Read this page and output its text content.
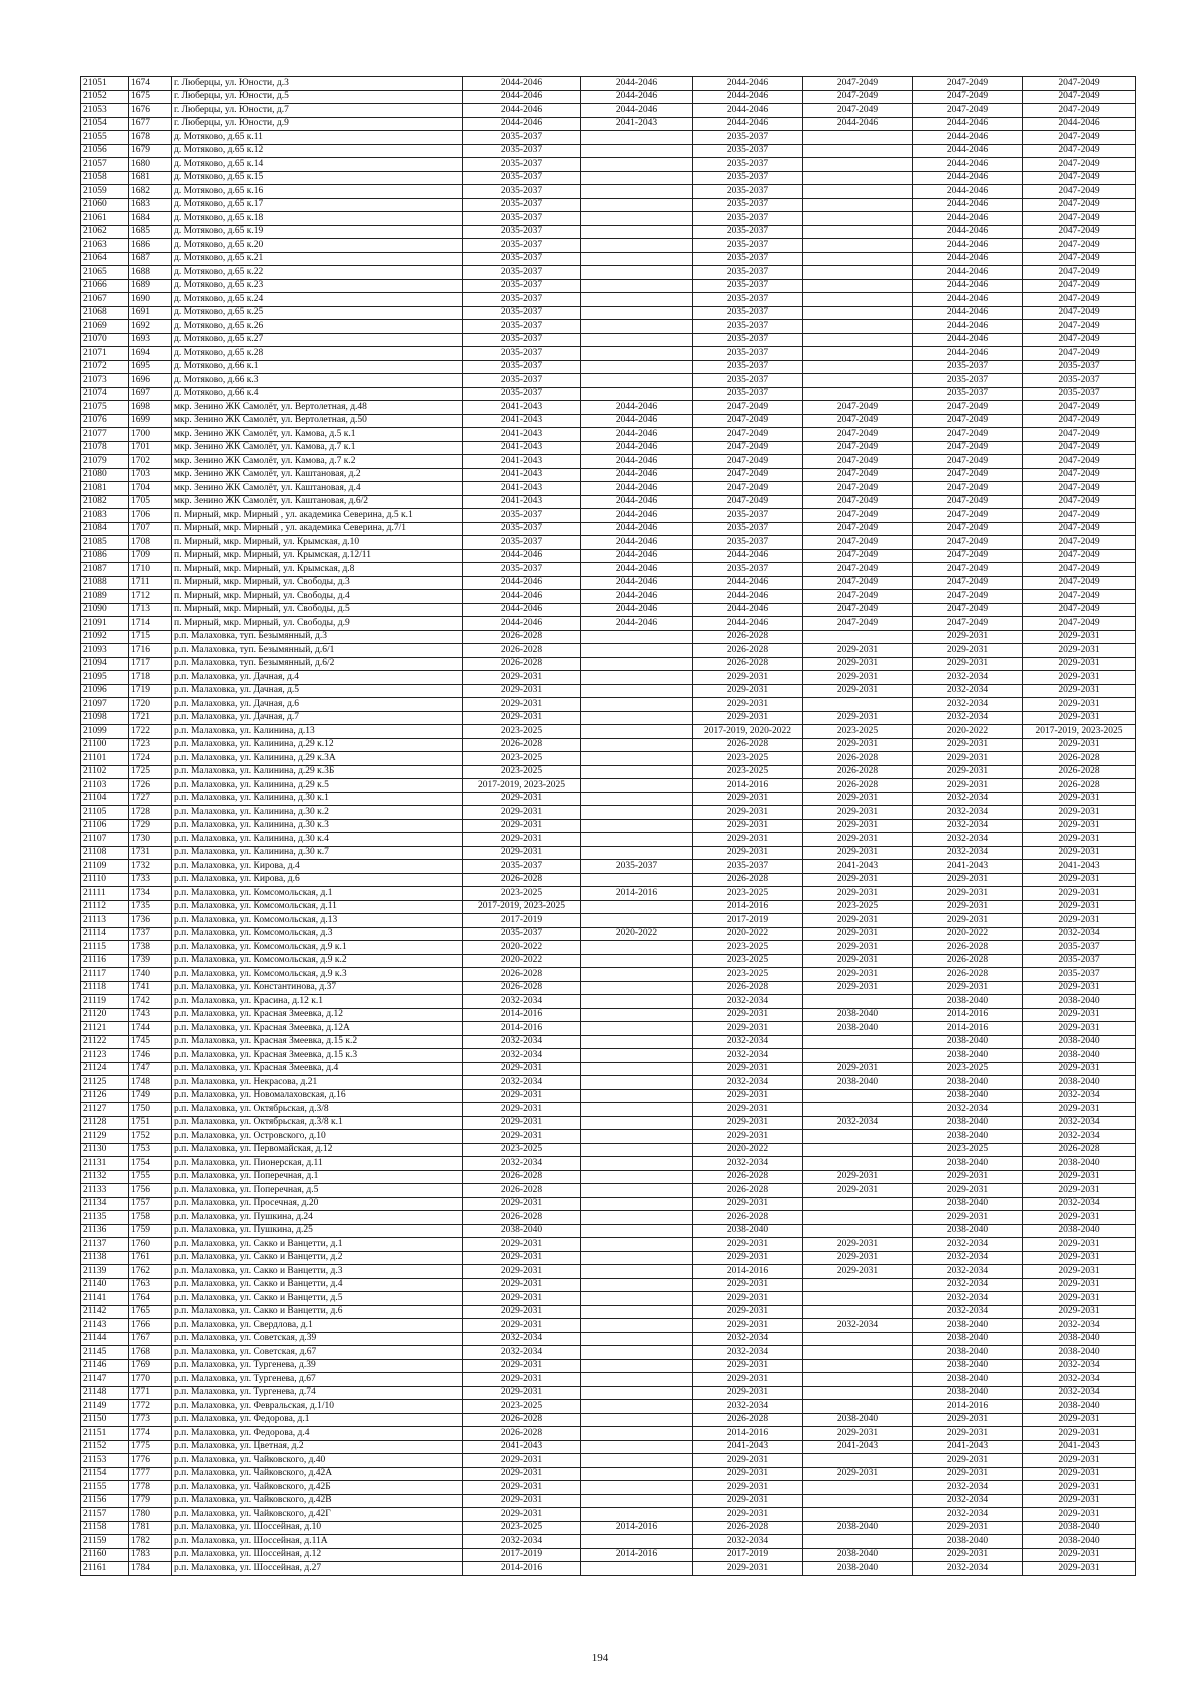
21051	1674	г. Люберцы, ул. Юности, д.3	2044-2046	2044-2046	2044-2046	2047-2049	2047-2049	2047-2049
21052	1675	г. Люберцы, ул. Юности, д.5	2044-2046	2044-2046	2044-2046	2047-2049	2047-2049	2047-2049
21053	1676	г. Люберцы, ул. Юности, д.7	2044-2046	2044-2046	2044-2046	2047-2049	2047-2049	2047-2049
21054	1677	г. Люберцы, ул. Юности, д.9	2044-2046	2041-2043	2044-2046	2044-2046	2044-2046	2044-2046
21055	1678	д. Мотяково, д.65 к.11	2035-2037		2035-2037		2044-2046	2047-2049
21056	1679	д. Мотяково, д.65 к.12	2035-2037		2035-2037		2044-2046	2047-2049
21057	1680	д. Мотяково, д.65 к.14	2035-2037		2035-2037		2044-2046	2047-2049
21058	1681	д. Мотяково, д.65 к.15	2035-2037		2035-2037		2044-2046	2047-2049
21059	1682	д. Мотяково, д.65 к.16	2035-2037		2035-2037		2044-2046	2047-2049
21060	1683	д. Мотяково, д.65 к.17	2035-2037		2035-2037		2044-2046	2047-2049
21061	1684	д. Мотяково, д.65 к.18	2035-2037		2035-2037		2044-2046	2047-2049
21062	1685	д. Мотяково, д.65 к.19	2035-2037		2035-2037		2044-2046	2047-2049
21063	1686	д. Мотяково, д.65 к.20	2035-2037		2035-2037		2044-2046	2047-2049
21064	1687	д. Мотяково, д.65 к.21	2035-2037		2035-2037		2044-2046	2047-2049
21065	1688	д. Мотяково, д.65 к.22	2035-2037		2035-2037		2044-2046	2047-2049
21066	1689	д. Мотяково, д.65 к.23	2035-2037		2035-2037		2044-2046	2047-2049
21067	1690	д. Мотяково, д.65 к.24	2035-2037		2035-2037		2044-2046	2047-2049
21068	1691	д. Мотяково, д.65 к.25	2035-2037		2035-2037		2044-2046	2047-2049
21069	1692	д. Мотяково, д.65 к.26	2035-2037		2035-2037		2044-2046	2047-2049
21070	1693	д. Мотяково, д.65 к.27	2035-2037		2035-2037		2044-2046	2047-2049
21071	1694	д. Мотяково, д.65 к.28	2035-2037		2035-2037		2044-2046	2047-2049
21072	1695	д. Мотяково, д.66 к.1	2035-2037		2035-2037		2035-2037	2035-2037
21073	1696	д. Мотяково, д.66 к.3	2035-2037		2035-2037		2035-2037	2035-2037
21074	1697	д. Мотяково, д.66 к.4	2035-2037		2035-2037		2035-2037	2035-2037
21075	1698	мкр. Зенино ЖК Самолёт, ул. Вертолетная, д.48	2041-2043	2044-2046	2047-2049	2047-2049	2047-2049	2047-2049
21076	1699	мкр. Зенино ЖК Самолёт, ул. Вертолетная, д.50	2041-2043	2044-2046	2047-2049	2047-2049	2047-2049	2047-2049
21077	1700	мкр. Зенино ЖК Самолёт, ул. Камова, д.5 к.1	2041-2043	2044-2046	2047-2049	2047-2049	2047-2049	2047-2049
21078	1701	мкр. Зенино ЖК Самолёт, ул. Камова, д.7 к.1	2041-2043	2044-2046	2047-2049	2047-2049	2047-2049	2047-2049
21079	1702	мкр. Зенино ЖК Самолёт, ул. Камова, д.7 к.2	2041-2043	2044-2046	2047-2049	2047-2049	2047-2049	2047-2049
21080	1703	мкр. Зенино ЖК Самолёт, ул. Каштановая, д.2	2041-2043	2044-2046	2047-2049	2047-2049	2047-2049	2047-2049
21081	1704	мкр. Зенино ЖК Самолёт, ул. Каштановая, д.4	2041-2043	2044-2046	2047-2049	2047-2049	2047-2049	2047-2049
21082	1705	мкр. Зенино ЖК Самолёт, ул. Каштановая, д.6/2	2041-2043	2044-2046	2047-2049	2047-2049	2047-2049	2047-2049
21083	1706	п. Мирный, мкр. Мирный , ул. академика Северина, д.5 к.1	2035-2037	2044-2046	2035-2037	2047-2049	2047-2049	2047-2049
21084	1707	п. Мирный, мкр. Мирный , ул. академика Северина, д.7/1	2035-2037	2044-2046	2035-2037	2047-2049	2047-2049	2047-2049
21085	1708	п. Мирный, мкр. Мирный, ул. Крымская, д.10	2035-2037	2044-2046	2035-2037	2047-2049	2047-2049	2047-2049
21086	1709	п. Мирный, мкр. Мирный, ул. Крымская, д.12/11	2044-2046	2044-2046	2044-2046	2047-2049	2047-2049	2047-2049
21087	1710	п. Мирный, мкр. Мирный, ул. Крымская, д.8	2035-2037	2044-2046	2035-2037	2047-2049	2047-2049	2047-2049
21088	1711	п. Мирный, мкр. Мирный, ул. Свободы, д.3	2044-2046	2044-2046	2044-2046	2047-2049	2047-2049	2047-2049
21089	1712	п. Мирный, мкр. Мирный, ул. Свободы, д.4	2044-2046	2044-2046	2044-2046	2047-2049	2047-2049	2047-2049
21090	1713	п. Мирный, мкр. Мирный, ул. Свободы, д.5	2044-2046	2044-2046	2044-2046	2047-2049	2047-2049	2047-2049
21091	1714	п. Мирный, мкр. Мирный, ул. Свободы, д.9	2044-2046	2044-2046	2044-2046	2047-2049	2047-2049	2047-2049
21092	1715	р.п. Малаховка, туп. Безымянный, д.3	2026-2028		2026-2028		2029-2031	2029-2031
21093	1716	р.п. Малаховка, туп. Безымянный, д.6/1	2026-2028		2026-2028	2029-2031	2029-2031	2029-2031
21094	1717	р.п. Малаховка, туп. Безымянный, д.6/2	2026-2028		2026-2028	2029-2031	2029-2031	2029-2031
21095	1718	р.п. Малаховка, ул. Дачная, д.4	2029-2031		2029-2031	2029-2031	2032-2034	2029-2031
21096	1719	р.п. Малаховка, ул. Дачная, д.5	2029-2031		2029-2031	2029-2031	2032-2034	2029-2031
21097	1720	р.п. Малаховка, ул. Дачная, д.6	2029-2031		2029-2031		2032-2034	2029-2031
21098	1721	р.п. Малаховка, ул. Дачная, д.7	2029-2031		2029-2031	2029-2031	2032-2034	2029-2031
21099	1722	р.п. Малаховка, ул. Калинина, д.13	2023-2025		2017-2019, 2020-2022	2023-2025	2020-2022	2017-2019, 2023-2025
21100	1723	р.п. Малаховка, ул. Калинина, д.29 к.12	2026-2028		2026-2028	2029-2031	2029-2031	2029-2031
21101	1724	р.п. Малаховка, ул. Калинина, д.29 к.3А	2023-2025		2023-2025	2026-2028	2029-2031	2026-2028
21102	1725	р.п. Малаховка, ул. Калинина, д.29 к.3Б	2023-2025		2023-2025	2026-2028	2029-2031	2026-2028
21103	1726	р.п. Малаховка, ул. Калинина, д.29 к.5	2017-2019, 2023-2025		2014-2016	2026-2028	2029-2031	2026-2028
21104	1727	р.п. Малаховка, ул. Калинина, д.30 к.1	2029-2031		2029-2031	2029-2031	2032-2034	2029-2031
21105	1728	р.п. Малаховка, ул. Калинина, д.30 к.2	2029-2031		2029-2031	2029-2031	2032-2034	2029-2031
21106	1729	р.п. Малаховка, ул. Калинина, д.30 к.3	2029-2031		2029-2031	2029-2031	2032-2034	2029-2031
21107	1730	р.п. Малаховка, ул. Калинина, д.30 к.4	2029-2031		2029-2031	2029-2031	2032-2034	2029-2031
21108	1731	р.п. Малаховка, ул. Калинина, д.30 к.7	2029-2031		2029-2031	2029-2031	2032-2034	2029-2031
21109	1732	р.п. Малаховка, ул. Кирова, д.4	2035-2037	2035-2037	2035-2037	2041-2043	2041-2043	2041-2043
21110	1733	р.п. Малаховка, ул. Кирова, д.6	2026-2028		2026-2028	2029-2031	2029-2031	2029-2031
21111	1734	р.п. Малаховка, ул. Комсомольская, д.1	2023-2025	2014-2016	2023-2025	2029-2031	2029-2031	2029-2031
21112	1735	р.п. Малаховка, ул. Комсомольская, д.11	2017-2019, 2023-2025		2014-2016	2023-2025	2029-2031	2029-2031
21113	1736	р.п. Малаховка, ул. Комсомольская, д.13	2017-2019		2017-2019	2029-2031	2029-2031	2029-2031
21114	1737	р.п. Малаховка, ул. Комсомольская, д.3	2035-2037	2020-2022	2020-2022	2029-2031	2020-2022	2032-2034
21115	1738	р.п. Малаховка, ул. Комсомольская, д.9 к.1	2020-2022		2023-2025	2029-2031	2026-2028	2035-2037
21116	1739	р.п. Малаховка, ул. Комсомольская, д.9 к.2	2020-2022		2023-2025	2029-2031	2026-2028	2035-2037
21117	1740	р.п. Малаховка, ул. Комсомольская, д.9 к.3	2026-2028		2023-2025	2029-2031	2026-2028	2035-2037
21118	1741	р.п. Малаховка, ул. Константинова, д.37	2026-2028		2026-2028	2029-2031	2029-2031	2029-2031
21119	1742	р.п. Малаховка, ул. Красина, д.12 к.1	2032-2034		2032-2034		2038-2040	2038-2040
21120	1743	р.п. Малаховка, ул. Красная Змеевка, д.12	2014-2016		2029-2031	2038-2040	2014-2016	2029-2031
21121	1744	р.п. Малаховка, ул. Красная Змеевка, д.12А	2014-2016		2029-2031	2038-2040	2014-2016	2029-2031
21122	1745	р.п. Малаховка, ул. Красная Змеевка, д.15 к.2	2032-2034		2032-2034		2038-2040	2038-2040
21123	1746	р.п. Малаховка, ул. Красная Змеевка, д.15 к.3	2032-2034		2032-2034		2038-2040	2038-2040
21124	1747	р.п. Малаховка, ул. Красная Змеевка, д.4	2029-2031		2029-2031	2029-2031	2023-2025	2029-2031
21125	1748	р.п. Малаховка, ул. Некрасова, д.21	2032-2034		2032-2034	2038-2040	2038-2040	2038-2040
21126	1749	р.п. Малаховка, ул. Новомалаховская, д.16	2029-2031		2029-2031		2038-2040	2032-2034
21127	1750	р.п. Малаховка, ул. Октябрьская, д.3/8	2029-2031		2029-2031		2032-2034	2029-2031
21128	1751	р.п. Малаховка, ул. Октябрьская, д.3/8 к.1	2029-2031		2029-2031	2032-2034	2038-2040	2032-2034
21129	1752	р.п. Малаховка, ул. Островского, д.10	2029-2031		2029-2031		2038-2040	2032-2034
21130	1753	р.п. Малаховка, ул. Первомайская, д.12	2023-2025		2020-2022		2023-2025	2026-2028
21131	1754	р.п. Малаховка, ул. Пионерская, д.11	2032-2034		2032-2034		2038-2040	2038-2040
21132	1755	р.п. Малаховка, ул. Поперечная, д.1	2026-2028		2026-2028	2029-2031	2029-2031	2029-2031
21133	1756	р.п. Малаховка, ул. Поперечная, д.5	2026-2028		2026-2028	2029-2031	2029-2031	2029-2031
21134	1757	р.п. Малаховка, ул. Просечная, д.20	2029-2031		2029-2031		2038-2040	2032-2034
21135	1758	р.п. Малаховка, ул. Пушкина, д.24	2026-2028		2026-2028		2029-2031	2029-2031
21136	1759	р.п. Малаховка, ул. Пушкина, д.25	2038-2040		2038-2040		2038-2040	2038-2040
21137	1760	р.п. Малаховка, ул. Сакко и Ванцетти, д.1	2029-2031		2029-2031	2029-2031	2032-2034	2029-2031
21138	1761	р.п. Малаховка, ул. Сакко и Ванцетти, д.2	2029-2031		2029-2031	2029-2031	2032-2034	2029-2031
21139	1762	р.п. Малаховка, ул. Сакко и Ванцетти, д.3	2029-2031		2014-2016	2029-2031	2032-2034	2029-2031
21140	1763	р.п. Малаховка, ул. Сакко и Ванцетти, д.4	2029-2031		2029-2031		2032-2034	2029-2031
21141	1764	р.п. Малаховка, ул. Сакко и Ванцетти, д.5	2029-2031		2029-2031		2032-2034	2029-2031
21142	1765	р.п. Малаховка, ул. Сакко и Ванцетти, д.6	2029-2031		2029-2031		2032-2034	2029-2031
21143	1766	р.п. Малаховка, ул. Свердлова, д.1	2029-2031		2029-2031	2032-2034	2038-2040	2032-2034
21144	1767	р.п. Малаховка, ул. Советская, д.39	2032-2034		2032-2034		2038-2040	2038-2040
21145	1768	р.п. Малаховка, ул. Советская, д.67	2032-2034		2032-2034		2038-2040	2038-2040
21146	1769	р.п. Малаховка, ул. Тургенева, д.39	2029-2031		2029-2031		2038-2040	2032-2034
21147	1770	р.п. Малаховка, ул. Тургенева, д.67	2029-2031		2029-2031		2038-2040	2032-2034
21148	1771	р.п. Малаховка, ул. Тургенева, д.74	2029-2031		2029-2031		2038-2040	2032-2034
21149	1772	р.п. Малаховка, ул. Февральская, д.1/10	2023-2025		2032-2034		2014-2016	2038-2040
21150	1773	р.п. Малаховка, ул. Федорова, д.1	2026-2028		2026-2028	2038-2040	2029-2031	2029-2031
21151	1774	р.п. Малаховка, ул. Федорова, д.4	2026-2028		2014-2016	2029-2031	2029-2031	2029-2031
21152	1775	р.п. Малаховка, ул. Цветная, д.2	2041-2043		2041-2043	2041-2043	2041-2043	2041-2043
21153	1776	р.п. Малаховка, ул. Чайковского, д.40	2029-2031		2029-2031		2029-2031	2029-2031
21154	1777	р.п. Малаховка, ул. Чайковского, д.42А	2029-2031		2029-2031	2029-2031	2029-2031	2029-2031
21155	1778	р.п. Малаховка, ул. Чайковского, д.42Б	2029-2031		2029-2031		2032-2034	2029-2031
21156	1779	р.п. Малаховка, ул. Чайковского, д.42В	2029-2031		2029-2031		2032-2034	2029-2031
21157	1780	р.п. Малаховка, ул. Чайковского, д.42Г	2029-2031		2029-2031		2032-2034	2029-2031
21158	1781	р.п. Малаховка, ул. Шоссейная, д.10	2023-2025	2014-2016	2026-2028	2038-2040	2029-2031	2038-2040
21159	1782	р.п. Малаховка, ул. Шоссейная, д.11А	2032-2034		2032-2034		2038-2040	2038-2040
21160	1783	р.п. Малаховка, ул. Шоссейная, д.12	2017-2019	2014-2016	2017-2019	2038-2040	2029-2031	2029-2031
21161	1784	р.п. Малаховка, ул. Шоссейная, д.27	2014-2016		2029-2031	2038-2040	2032-2034	2029-2031
194
